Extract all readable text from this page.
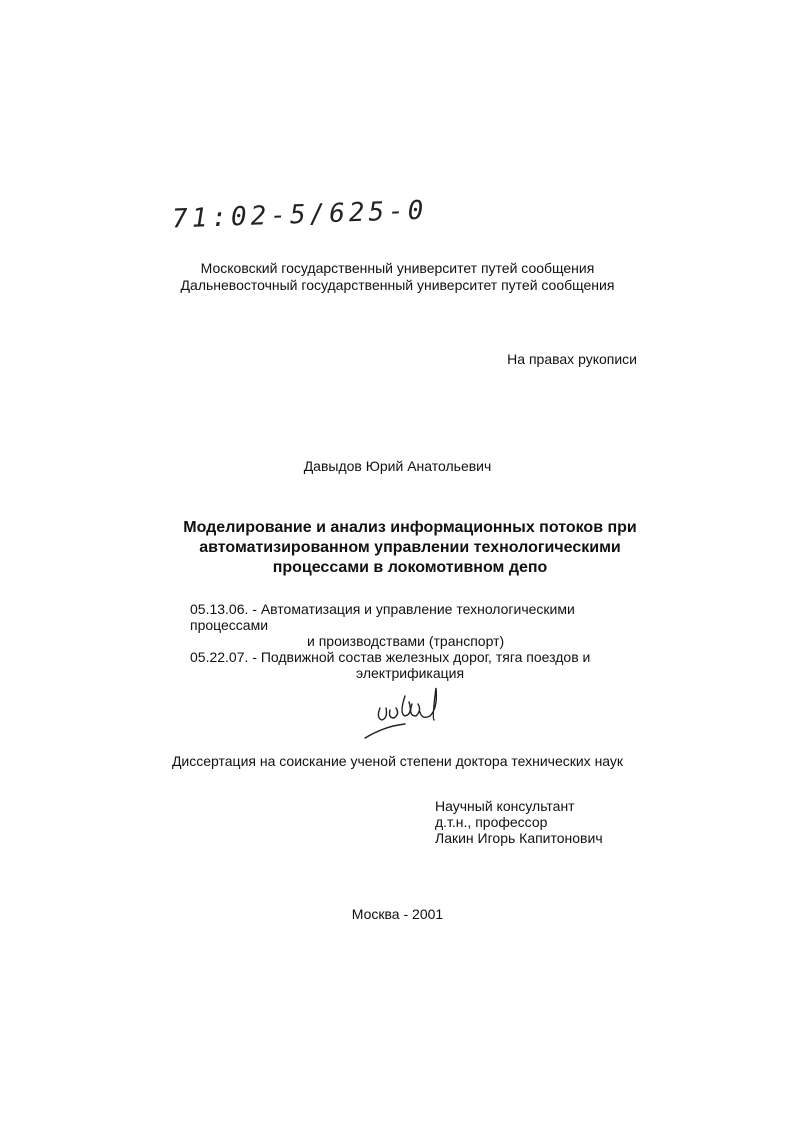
71:02-5/625-0
Московский государственный университет путей сообщения
Дальневосточный государственный университет путей сообщения
На правах рукописи
Давыдов Юрий Анатольевич
Моделирование и анализ информационных потоков при автоматизированном управлении технологическими процессами в локомотивном депо
05.13.06. - Автоматизация и управление технологическими процессами
и производствами (транспорт)
05.22.07. - Подвижной состав железных дорог, тяга поездов и
электрификация
Диссертация на соискание ученой степени доктора технических наук
Научный консультант
д.т.н., профессор
Лакин Игорь Капитонович
Москва - 2001
